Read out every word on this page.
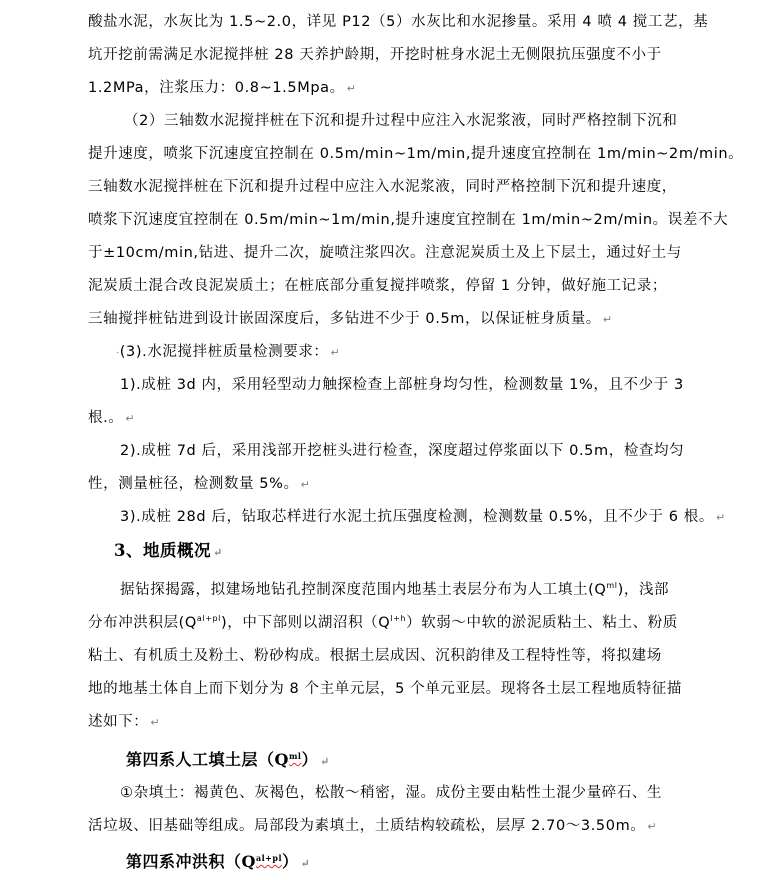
酸盐水泥，水灰比为 1.5~2.0，详见 P12（5）水灰比和水泥掺量。采用 4 喷 4 搅工艺，基
坑开挖前需满足水泥搅拌桩 28 天养护龄期，开挖时桩身水泥土无侧限抗压强度不小于
1.2MPa，注浆压力：0.8~1.5Mpa。 ↵
（2）三轴数水泥搅拌桩在下沉和提升过程中应注入水泥浆液，同时严格控制下沉和
提升速度，喷浆下沉速度宜控制在 0.5m/min~1m/min,提升速度宜控制在 1m/min~2m/min。
三轴数水泥搅拌桩在下沉和提升过程中应注入水泥浆液，同时严格控制下沉和提升速度，
喷浆下沉速度宜控制在 0.5m/min~1m/min,提升速度宜控制在 1m/min~2m/min。误差不大
于±10cm/min,钻进、提升二次，旋喷注浆四次。注意泥炭质土及上下层土，通过好土与
泥炭质土混合改良泥炭质土；在桩底部分重复搅拌喷浆，停留 1 分钟，做好施工记录；
三轴搅拌桩钻进到设计嵌固深度后，多钻进不少于 0.5m，以保证桩身质量。 ↵
·(3).水泥搅拌桩质量检测要求： ↵
1).成桩 3d 内，采用轻型动力触探检查上部桩身均匀性，检测数量 1%，且不少于 3
根.。 ↵
2).成桩 7d 后，采用浅部开挖桩头进行检查，深度超过停浆面以下 0.5m，检查均匀
性，测量桩径，检测数量 5%。 ↵
3).成桩 28d 后，钻取芯样进行水泥土抗压强度检测，检测数量 0.5%，且不少于 6 根。 ↵
3、地质概况 ↵
据钻探揭露，拟建场地钻孔控制深度范围内地基土表层分布为人工填土$(Q^{ml})$，浅部
分布冲洪积层$(Q^{al+pl})$，中下部则以湖沼积$(Q^{l+h})$软弱～中软的淤泥质粘土、粘土、粉质
粘土、有机质土及粉土、粉砂构成。根据土层成因、沉积韵律及工程特性等，将拟建场
地的地基土体自上而下划分为 8 个主单元层，5 个单元亚层。现将各土层工程地质特征描
述如下： ↵
第四系人工填土层$(Q^{ml})$ ↵
①杂填土：褐黄色、灰褐色，松散～稍密，湿。成份主要由粘性土混少量碎石、生
活垃圾、旧基础等组成。局部段为素填土，土质结构较疏松，层厚 2.70～3.50m。 ↵
第四系冲洪积$(Q^{al+pl})$ ↵
